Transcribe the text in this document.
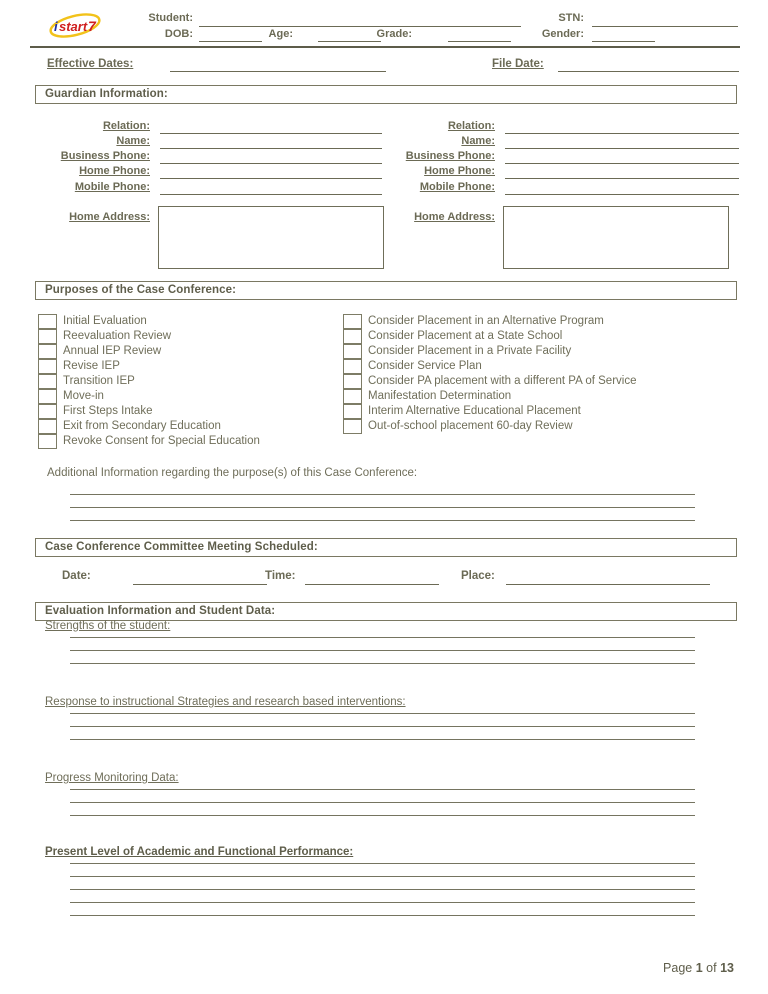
i start 7	Student:
DOB:	Age:	Grade:
STN:
Gender:
Effective Dates:	File Date:
Guardian Information:
Relation:
Name:
Business Phone:
Home Phone:
Mobile Phone:
Home Address:
Relation:
Name:
Business Phone:
Home Phone:
Mobile Phone:
Home Address:
Purposes of the Case Conference:
Initial Evaluation
Reevaluation Review
Annual IEP Review
Revise IEP
Transition IEP
Move-in
First Steps Intake
Exit from Secondary Education
Revoke Consent for Special Education
Consider Placement in an Alternative Program
Consider Placement at a State School
Consider Placement in a Private Facility
Consider Service Plan
Consider PA placement with a different PA of Service
Manifestation Determination
Interim Alternative Educational Placement
Out-of-school placement 60-day Review
Additional Information regarding the purpose(s) of this Case Conference:
Case Conference Committee Meeting Scheduled:
Date:	Time:	Place:
Evaluation Information and Student Data:
Strengths of the student:
Response to instructional Strategies and research based interventions:
Progress Monitoring Data:
Present Level of Academic and Functional Performance:
Page 1 of 13
